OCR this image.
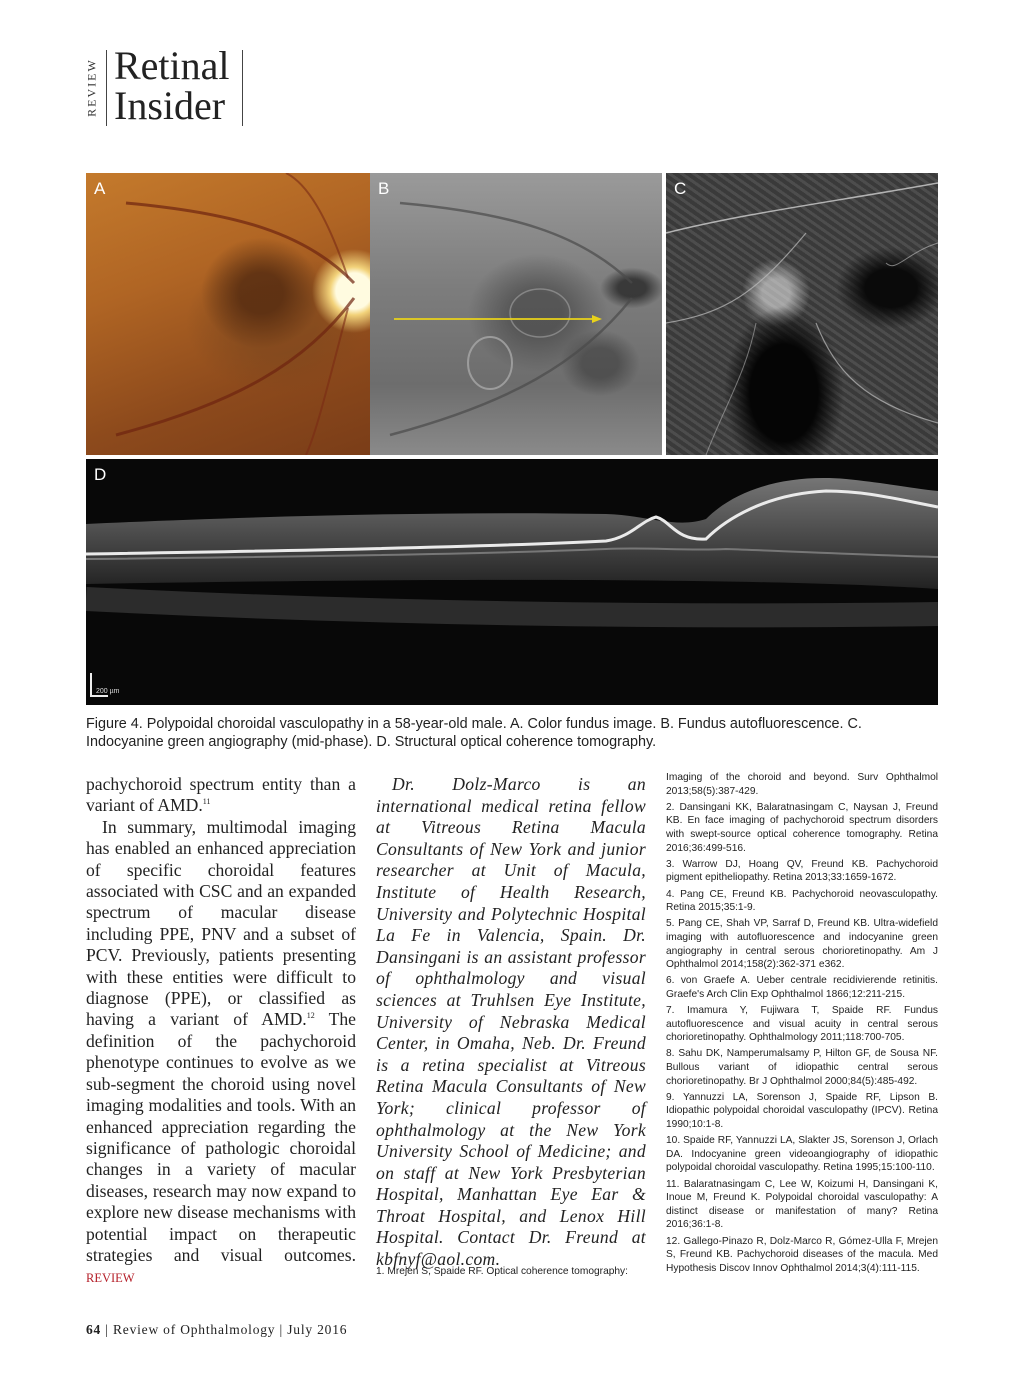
REVIEW Retinal
Insider
A	B	C
D
200 µm
Figure 4. Polypoidal choroidal vasculopathy in a 58-year-old male. A. Color fundus image. B. Fundus autofluorescence. C. Indocyanine green angiography (mid-phase). D. Structural optical coherence tomography.

pachychoroid spectrum entity than a variant of AMD.$^{11}$

In summary, multimodal imaging has enabled an enhanced appreciation of specific choroidal features associated with CSC and an expanded spectrum of macular disease including PPE, PNV and a subset of PCV. Previously, patients presenting with these entities were difficult to diagnose (PPE), or classified as having a variant of AMD.$^{12}$ The definition of the pachychoroid phenotype continues to evolve as we sub-segment the choroid using novel imaging modalities and tools. With an enhanced appreciation regarding the significance of pathologic choroidal changes in a variety of macular diseases, research may now expand to explore new disease mechanisms with potential impact on therapeutic strategies and visual outcomes. REVIEW

Dr. Dolz-Marco is an international medical retina fellow at Vitreous Retina Macula Consultants of New York and junior researcher at Unit of Macula, Institute of Health Research, University and Polytechnic Hospital La Fe in Valencia, Spain. Dr. Dansingani is an assistant professor of ophthalmology and visual sciences at Truhlsen Eye Institute, University of Nebraska Medical Center, in Omaha, Neb. Dr. Freund is a retina specialist at Vitreous Retina Macula Consultants of New York; clinical professor of ophthalmology at the New York University School of Medicine; and on staff at New York Presbyterian Hospital, Manhattan Eye Ear & Throat Hospital, and Lenox Hill Hospital. Contact Dr. Freund at kbfnyf@aol.com.

1. Mrejen S, Spaide RF. Optical coherence tomography:
Imaging of the choroid and beyond. Surv Ophthalmol 2013;58(5):387-429.
2. Dansingani KK, Balaratnasingam C, Naysan J, Freund KB. En face imaging of pachychoroid spectrum disorders with swept-source optical coherence tomography. Retina 2016;36:499-516.
3. Warrow DJ, Hoang QV, Freund KB. Pachychoroid pigment epitheliopathy. Retina 2013;33:1659-1672.
4. Pang CE, Freund KB. Pachychoroid neovasculopathy. Retina 2015;35:1-9.
5. Pang CE, Shah VP, Sarraf D, Freund KB. Ultra-widefield imaging with autofluorescence and indocyanine green angiography in central serous chorioretinopathy. Am J Ophthalmol 2014;158(2):362-371 e362.
6. von Graefe A. Ueber centrale recidivierende retinitis. Graefe's Arch Clin Exp Ophthalmol 1866;12:211-215.
7. Imamura Y, Fujiwara T, Spaide RF. Fundus autofluorescence and visual acuity in central serous chorioretinopathy. Ophthalmology 2011;118:700-705.
8. Sahu DK, Namperumalsamy P, Hilton GF, de Sousa NF. Bullous variant of idiopathic central serous chorioretinopathy. Br J Ophthalmol 2000;84(5):485-492.
9. Yannuzzi LA, Sorenson J, Spaide RF, Lipson B. Idiopathic polypoidal choroidal vasculopathy (IPCV). Retina 1990;10:1-8.
10. Spaide RF, Yannuzzi LA, Slakter JS, Sorenson J, Orlach DA. Indocyanine green videoangiography of idiopathic polypoidal choroidal vasculopathy. Retina 1995;15:100-110.
11. Balaratnasingam C, Lee W, Koizumi H, Dansingani K, Inoue M, Freund K. Polypoidal choroidal vasculopathy: A distinct disease or manifestation of many? Retina 2016;36:1-8.
12. Gallego-Pinazo R, Dolz-Marco R, Gómez-Ulla F, Mrejen S, Freund KB. Pachychoroid diseases of the macula. Med Hypothesis Discov Innov Ophthalmol 2014;3(4):111-115.
64 | Review of Ophthalmology | July 2016
